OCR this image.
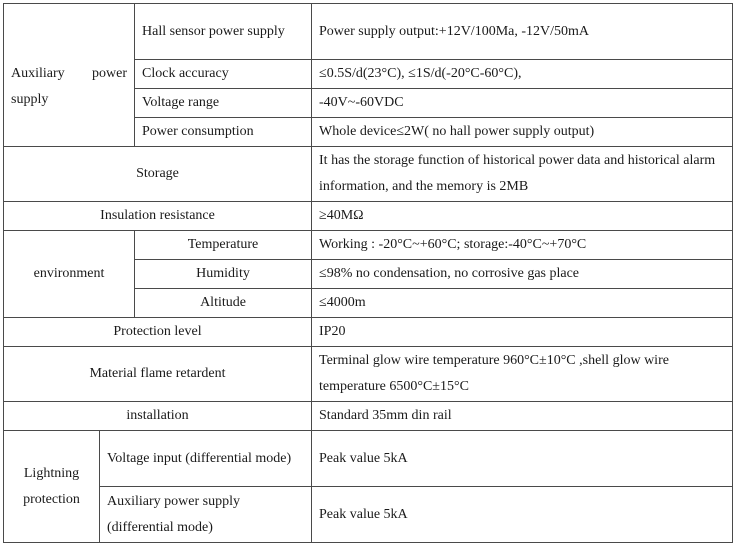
Auxiliary power supply		Hall sensor power supply	Power supply output:+12V/100Ma, -12V/50mA
		Clock accuracy	≤0.5S/d(23°C), ≤1S/d(-20°C-60°C),
		Voltage range	-40V~-60VDC
		Power consumption	Whole device≤2W( no hall power supply output)
Storage			It has the storage function of historical power data and historical alarm information, and the memory is 2MB
Insulation resistance			≥40MΩ
environment		Temperature	Working : -20°C~+60°C; storage:-40°C~+70°C
		Humidity	≤98% no condensation, no corrosive gas place
		Altitude	≤4000m
Protection level			IP20
Material flame retardent			Terminal glow wire temperature 960°C±10°C ,shell glow wire temperature 6500°C±15°C
installation			Standard 35mm din rail
Lightning protection	Voltage input (differential mode)		Peak value 5kA
	Auxiliary power supply (differential mode)		Peak value 5kA
